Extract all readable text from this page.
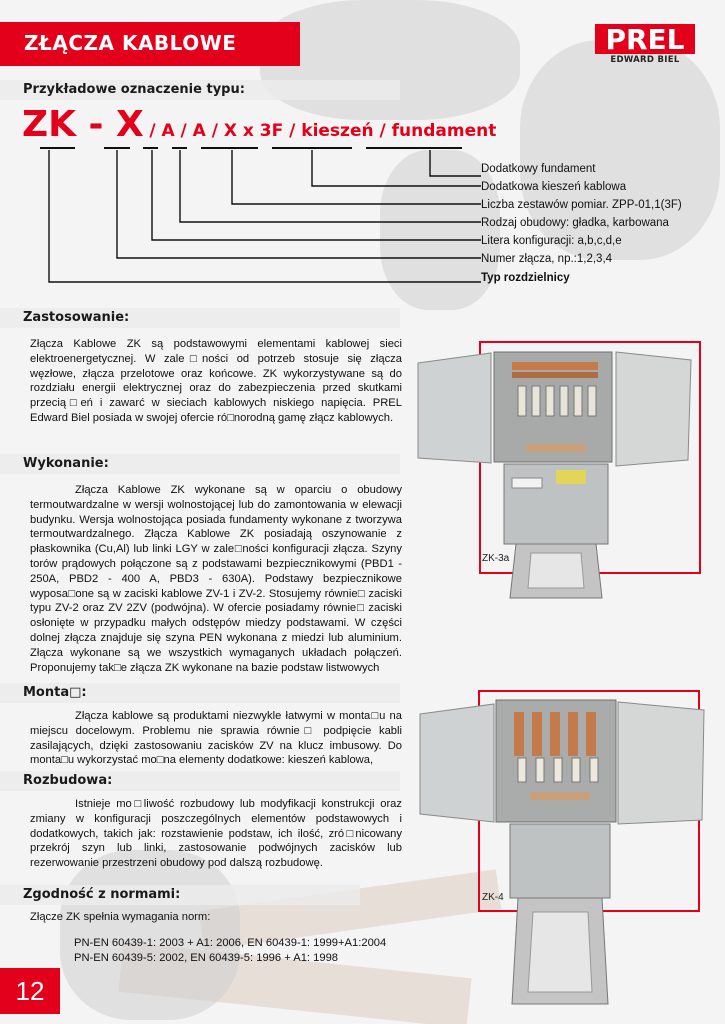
ZŁĄCZA KABLOWE	PREL
EDWARD BIEL
Przykładowe oznaczenie typu:
ZK - X / A / A / X x 3F / kieszeń / fundament
Dodatkowy fundament
Dodatkowa kieszeń kablowa
Liczba zestawów pomiar. ZPP-01,1(3F)
Rodzaj obudowy: gładka, karbowana
Litera konfiguracji: a,b,c,d,e
Numer złącza, np.:1,2,3,4
Typ rozdzielnicy
Zastosowanie:

Złącza Kablowe ZK są podstawowymi elementami kablowej sieci elektroenergetycznej. W zale□ności od potrzeb stosuje się złącza węzłowe, złącza przelotowe oraz końcowe. ZK wykorzystywane są do rozdziału energii elektrycznej oraz do zabezpieczenia przed skutkami przecią□eń i zawarć w sieciach kablowych niskiego napięcia. PREL Edward Biel posiada w swojej ofercie ró□norodną gamę złącz kablowych.

Wykonanie:

Złącza Kablowe ZK wykonane są w oparciu o obudowy termoutwardzalne w wersji wolnostojącej lub do zamontowania w elewacji budynku. Wersja wolnostojąca posiada fundamenty wykonane z tworzywa termoutwardzalnego. Złącza Kablowe ZK posiadają oszynowanie z płaskownika (Cu,Al) lub linki LGY w zale□ności konfiguracji złącza. Szyny torów prądowych połączone są z podstawami bezpiecznikowymi (PBD1 - 250A, PBD2 - 400 A, PBD3 - 630A). Podstawy bezpiecznikowe wyposa□one są w zaciski kablowe ZV-1 i ZV-2. Stosujemy równie□ zaciski typu ZV-2 oraz ZV 2ZV (podwójna). W ofercie posiadamy równie□ zaciski osłonięte w przypadku małych odstępów miedzy podstawami. W części dolnej złącza znajduje się szyna PEN wykonana z miedzi lub aluminium. Złącza wykonane są we wszystkich wymaganych układach połączeń. Proponujemy tak□e złącza ZK wykonane na bazie podstaw listwowych

Monta□:

Złącza kablowe są produktami niezwykle łatwymi w monta□u na miejscu docelowym. Problemu nie sprawia równie□ podpięcie kabli zasilających, dzięki zastosowaniu zacisków ZV na klucz imbusowy. Do monta□u wykorzystać mo□na elementy dodatkowe: kieszeń kablowa,

Rozbudowa:

Istnieje mo□liwość rozbudowy lub modyfikacji konstrukcji oraz zmiany w konfiguracji poszczególnych elementów podstawowych i dodatkowych, takich jak: rozstawienie podstaw, ich ilość, zró□nicowany przekrój szyn lub linki, zastosowanie podwójnych zacisków lub rezerwowanie przestrzeni obudowy pod dalszą rozbudowę.

Zgodność z normami:

Złącze ZK spełnia wymagania norm:

PN-EN 60439-1: 2003 + A1: 2006, EN 60439-1: 1999+A1:2004

PN-EN 60439-5: 2002, EN 60439-5: 1996 + A1: 1998

ZK-3a
ZK-4
12
